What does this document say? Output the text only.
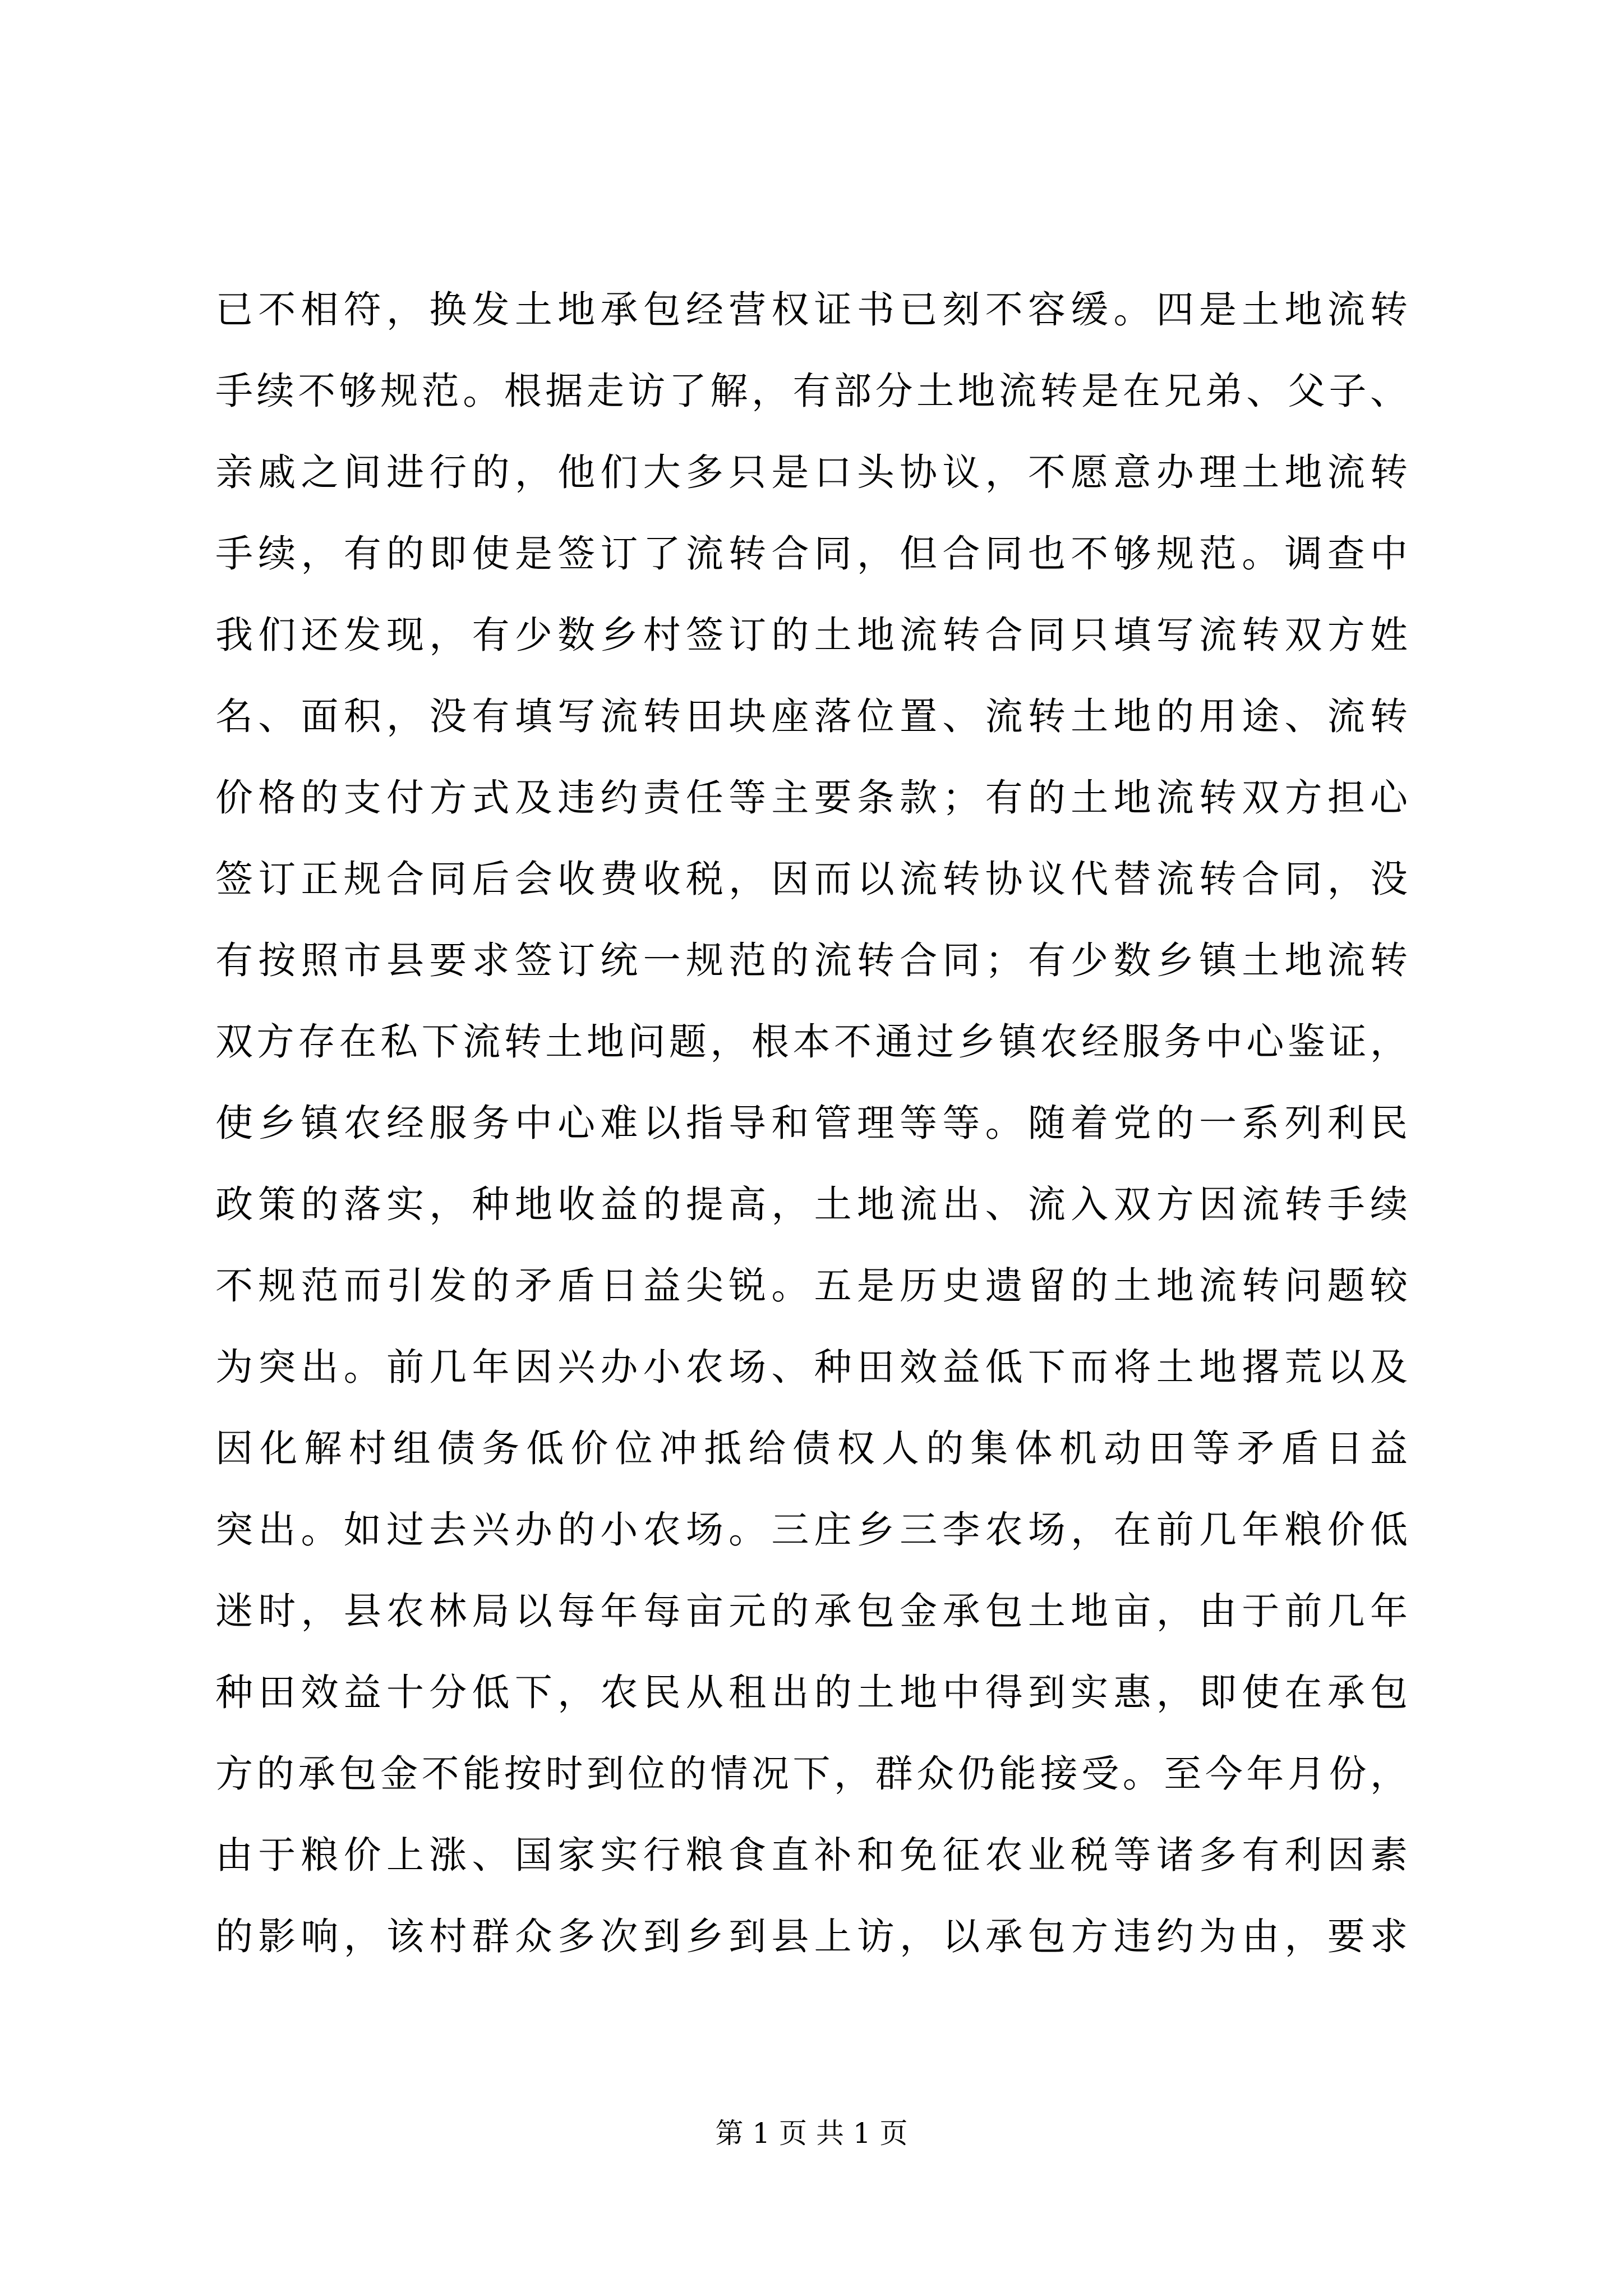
已不相符，换发土地承包经营权证书已刻不容缓。四是土地流转
手续不够规范。根据走访了解，有部分土地流转是在兄弟、父子、
亲戚之间进行的，他们大多只是口头协议，不愿意办理土地流转
手续，有的即使是签订了流转合同，但合同也不够规范。调查中
我们还发现，有少数乡村签订的土地流转合同只填写流转双方姓
名、面积，没有填写流转田块座落位置、流转土地的用途、流转
价格的支付方式及违约责任等主要条款；有的土地流转双方担心
签订正规合同后会收费收税，因而以流转协议代替流转合同，没
有按照市县要求签订统一规范的流转合同；有少数乡镇土地流转
双方存在私下流转土地问题，根本不通过乡镇农经服务中心鉴证，
使乡镇农经服务中心难以指导和管理等等。随着党的一系列利民
政策的落实，种地收益的提高，土地流出、流入双方因流转手续
不规范而引发的矛盾日益尖锐。五是历史遗留的土地流转问题较
为突出。前几年因兴办小农场、种田效益低下而将土地撂荒以及
因化解村组债务低价位冲抵给债权人的集体机动田等矛盾日益
突出。如过去兴办的小农场。三庄乡三李农场，在前几年粮价低
迷时，县农林局以每年每亩元的承包金承包土地亩，由于前几年
种田效益十分低下，农民从租出的土地中得到实惠，即使在承包
方的承包金不能按时到位的情况下，群众仍能接受。至今年月份，
由于粮价上涨、国家实行粮食直补和免征农业税等诸多有利因素
的影响，该村群众多次到乡到县上访，以承包方违约为由，要求
第 1 页 共 1 页
